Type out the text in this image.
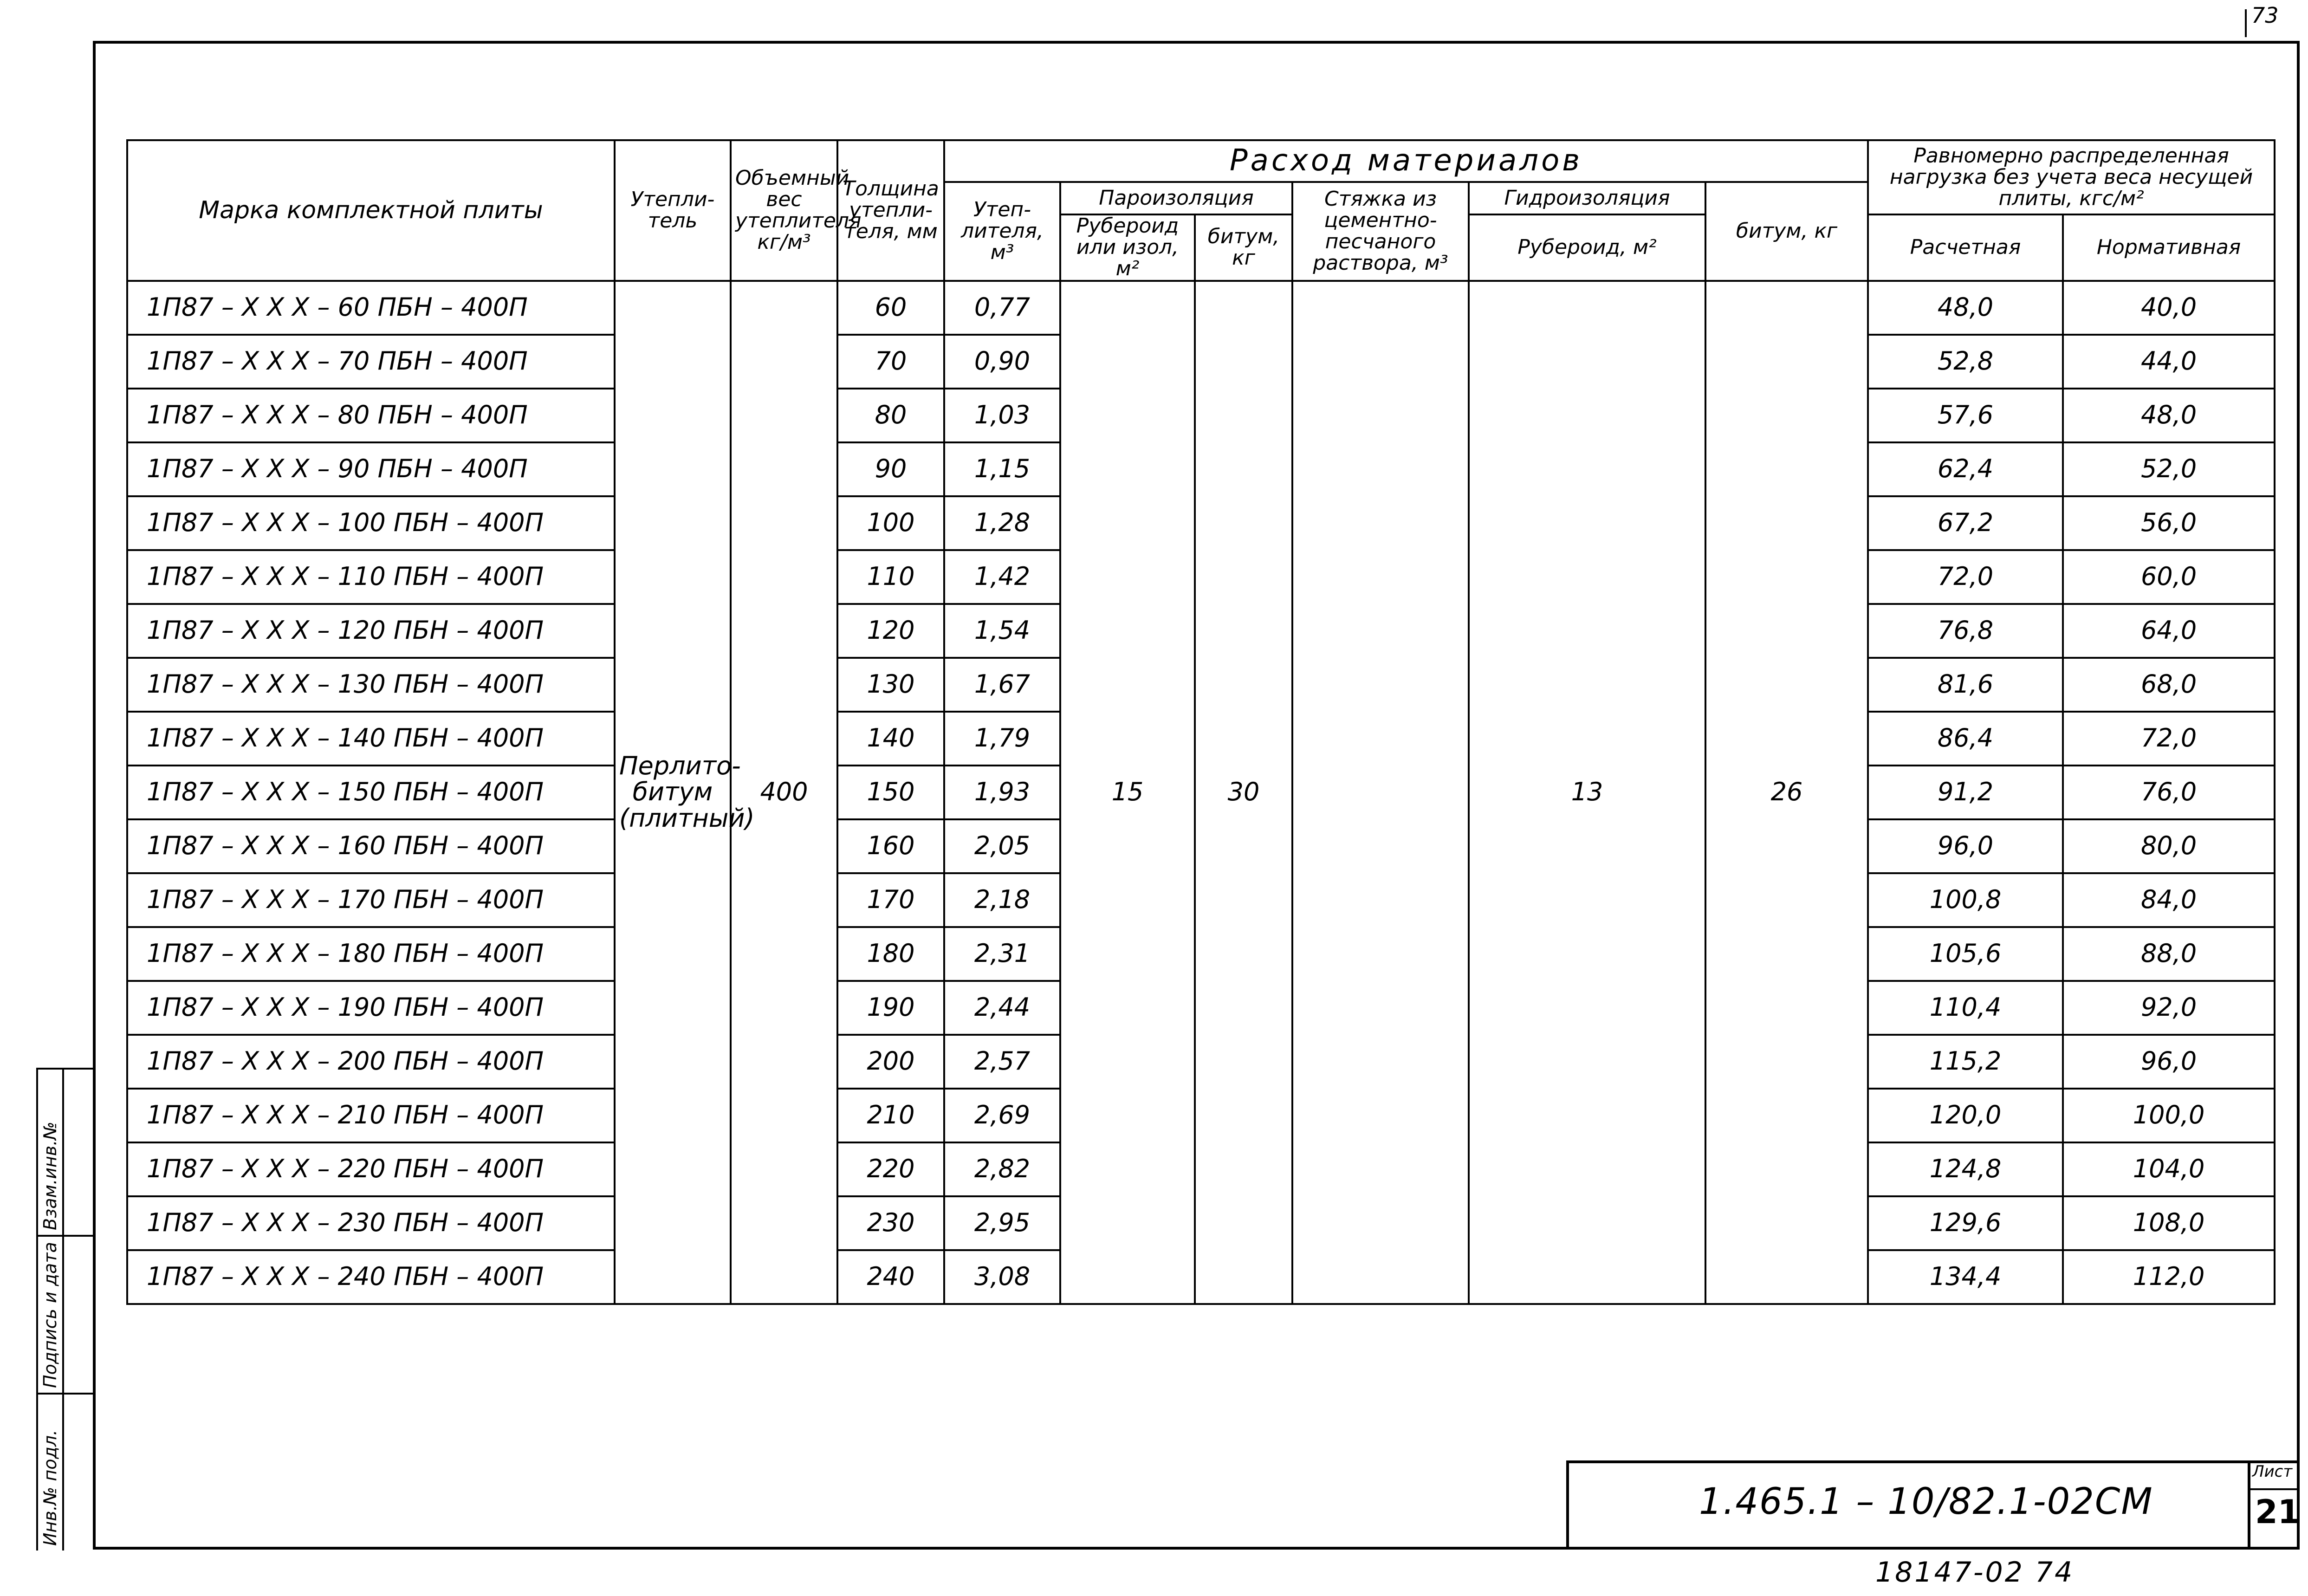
73
Инв.№ подл.
Подпись и дата
Взам.инв.№
Марка комплектной плиты	Утепли-тель	Объемный вес утеплителя кг/м³	Толщина утепли-теля, мм	Расход материалов						Равномерно распределенная нагрузка без учета веса несущей плиты, кгс/м²	
				Утеп-лителя, м³	Пароизоляция		Стяжка из цементно-песчаного раствора, м³	Гидроизоляция	битум, кг			
					Рубероид или изол, м²	битум, кг		Рубероид, м²		Расчетная	Нормативная	
1П87 – X X X – 60 ПБН – 400П	Перлито-битум (плитный)	400	60	0,77	15	30		13	26	48,0	40,0	
1П87 – X X X – 70 ПБН – 400П			70	0,90						52,8	44,0	
1П87 – X X X – 80 ПБН – 400П			80	1,03						57,6	48,0	
1П87 – X X X – 90 ПБН – 400П			90	1,15						62,4	52,0	
1П87 – X X X – 100 ПБН – 400П			100	1,28						67,2	56,0	
1П87 – X X X – 110 ПБН – 400П			110	1,42						72,0	60,0	
1П87 – X X X – 120 ПБН – 400П			120	1,54						76,8	64,0	
1П87 – X X X – 130 ПБН – 400П			130	1,67						81,6	68,0	
1П87 – X X X – 140 ПБН – 400П			140	1,79						86,4	72,0	
1П87 – X X X – 150 ПБН – 400П			150	1,93						91,2	76,0	
1П87 – X X X – 160 ПБН – 400П			160	2,05						96,0	80,0	
1П87 – X X X – 170 ПБН – 400П			170	2,18						100,8	84,0	
1П87 – X X X – 180 ПБН – 400П			180	2,31						105,6	88,0	
1П87 – X X X – 190 ПБН – 400П			190	2,44						110,4	92,0	
1П87 – X X X – 200 ПБН – 400П			200	2,57						115,2	96,0	
1П87 – X X X – 210 ПБН – 400П			210	2,69						120,0	100,0	
1П87 – X X X – 220 ПБН – 400П			220	2,82						124,8	104,0	
1П87 – X X X – 230 ПБН – 400П			230	2,95						129,6	108,0	
1П87 – X X X – 240 ПБН – 400П			240	3,08						134,4	112,0	
1.465.1 – 10/82.1-02СМ
Лист
21
18147-02 74
